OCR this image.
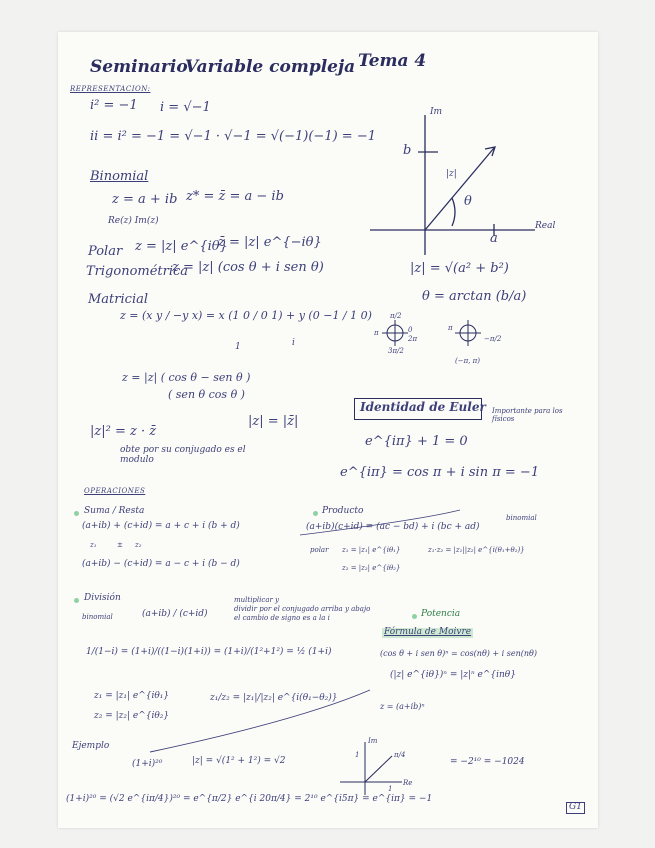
Seminario
Variable compleja Tema 4
REPRESENTACION:
i² = −1 i = √−1
ii = i² = −1 = √−1 · √−1 = √(−1)(−1) = −1
Binomial
z = a + ib z* = z̄ = a − ib
Re(z) Im(z)
Polar z = |z| e^{iθ}
z̄ = |z| e^{−iθ}
Trigonométrica
z = |z| (cos θ + i sen θ)
Matricial
z = (x y / −y x) = x (1 0 / 0 1) + y (0 −1 / 1 0)
1	i
z = |z| ( cos θ − sen θ )
( sen θ cos θ )
|z|² = z · z̄
obte por su conjugado es el modulo
|z| = |z̄|
Im
Real
b
a
|z|
θ
|z| = √(a² + b²)
θ = arctan (b/a)
π/2
π	0
2π
3π/2
π
−π/2
(−π, π)
Identidad de Euler Importante para los físicos
e^{iπ} + 1 = 0
e^{iπ} = cos π + i sin π = −1
OPERACIONES
Suma / Resta
(a+ib) + (c+id) = a + c + i (b + d)
z₁	± z₂
(a+ib) − (c+id) = a − c + i (b − d)
Producto
(a+ib)(c+id) = (ac − bd) + i (bc + ad)
binomial
polar z₁ = |z₁| e^{iθ₁}
z₂ = |z₂| e^{iθ₂}
z₁·z₂ = |z₁||z₂| e^{i(θ₁+θ₂)}
División
binomial	(a+ib) / (c+id)
multiplicar y
dividir por el conjugado arriba y abajo
el cambio de signo es a la i
1/(1−i) = (1+i)/((1−i)(1+i)) = (1+i)/(1²+1²) = ½ (1+i)
z₁ = |z₁| e^{iθ₁}
z₂ = |z₂| e^{iθ₂}
z₁/z₂ = |z₁|/|z₂| e^{i(θ₁−θ₂)}
Potencia
Fórmula de Moivre
(cos θ + i sen θ)ⁿ = cos(nθ) + i sen(nθ)
(|z| e^{iθ})ⁿ = |z|ⁿ e^{inθ}
z = (a+ib)ⁿ
Ejemplo
(1+i)²⁰	|z| = √(1² + 1²) = √2
Im
Re
1
1
π/4
= −2¹⁰ = −1024
(1+i)²⁰ = (√2 e^{iπ/4})²⁰ = e^{π/2} e^{i 20π/4} = 2¹⁰ e^{i5π} = e^{iπ} = −1
G1
